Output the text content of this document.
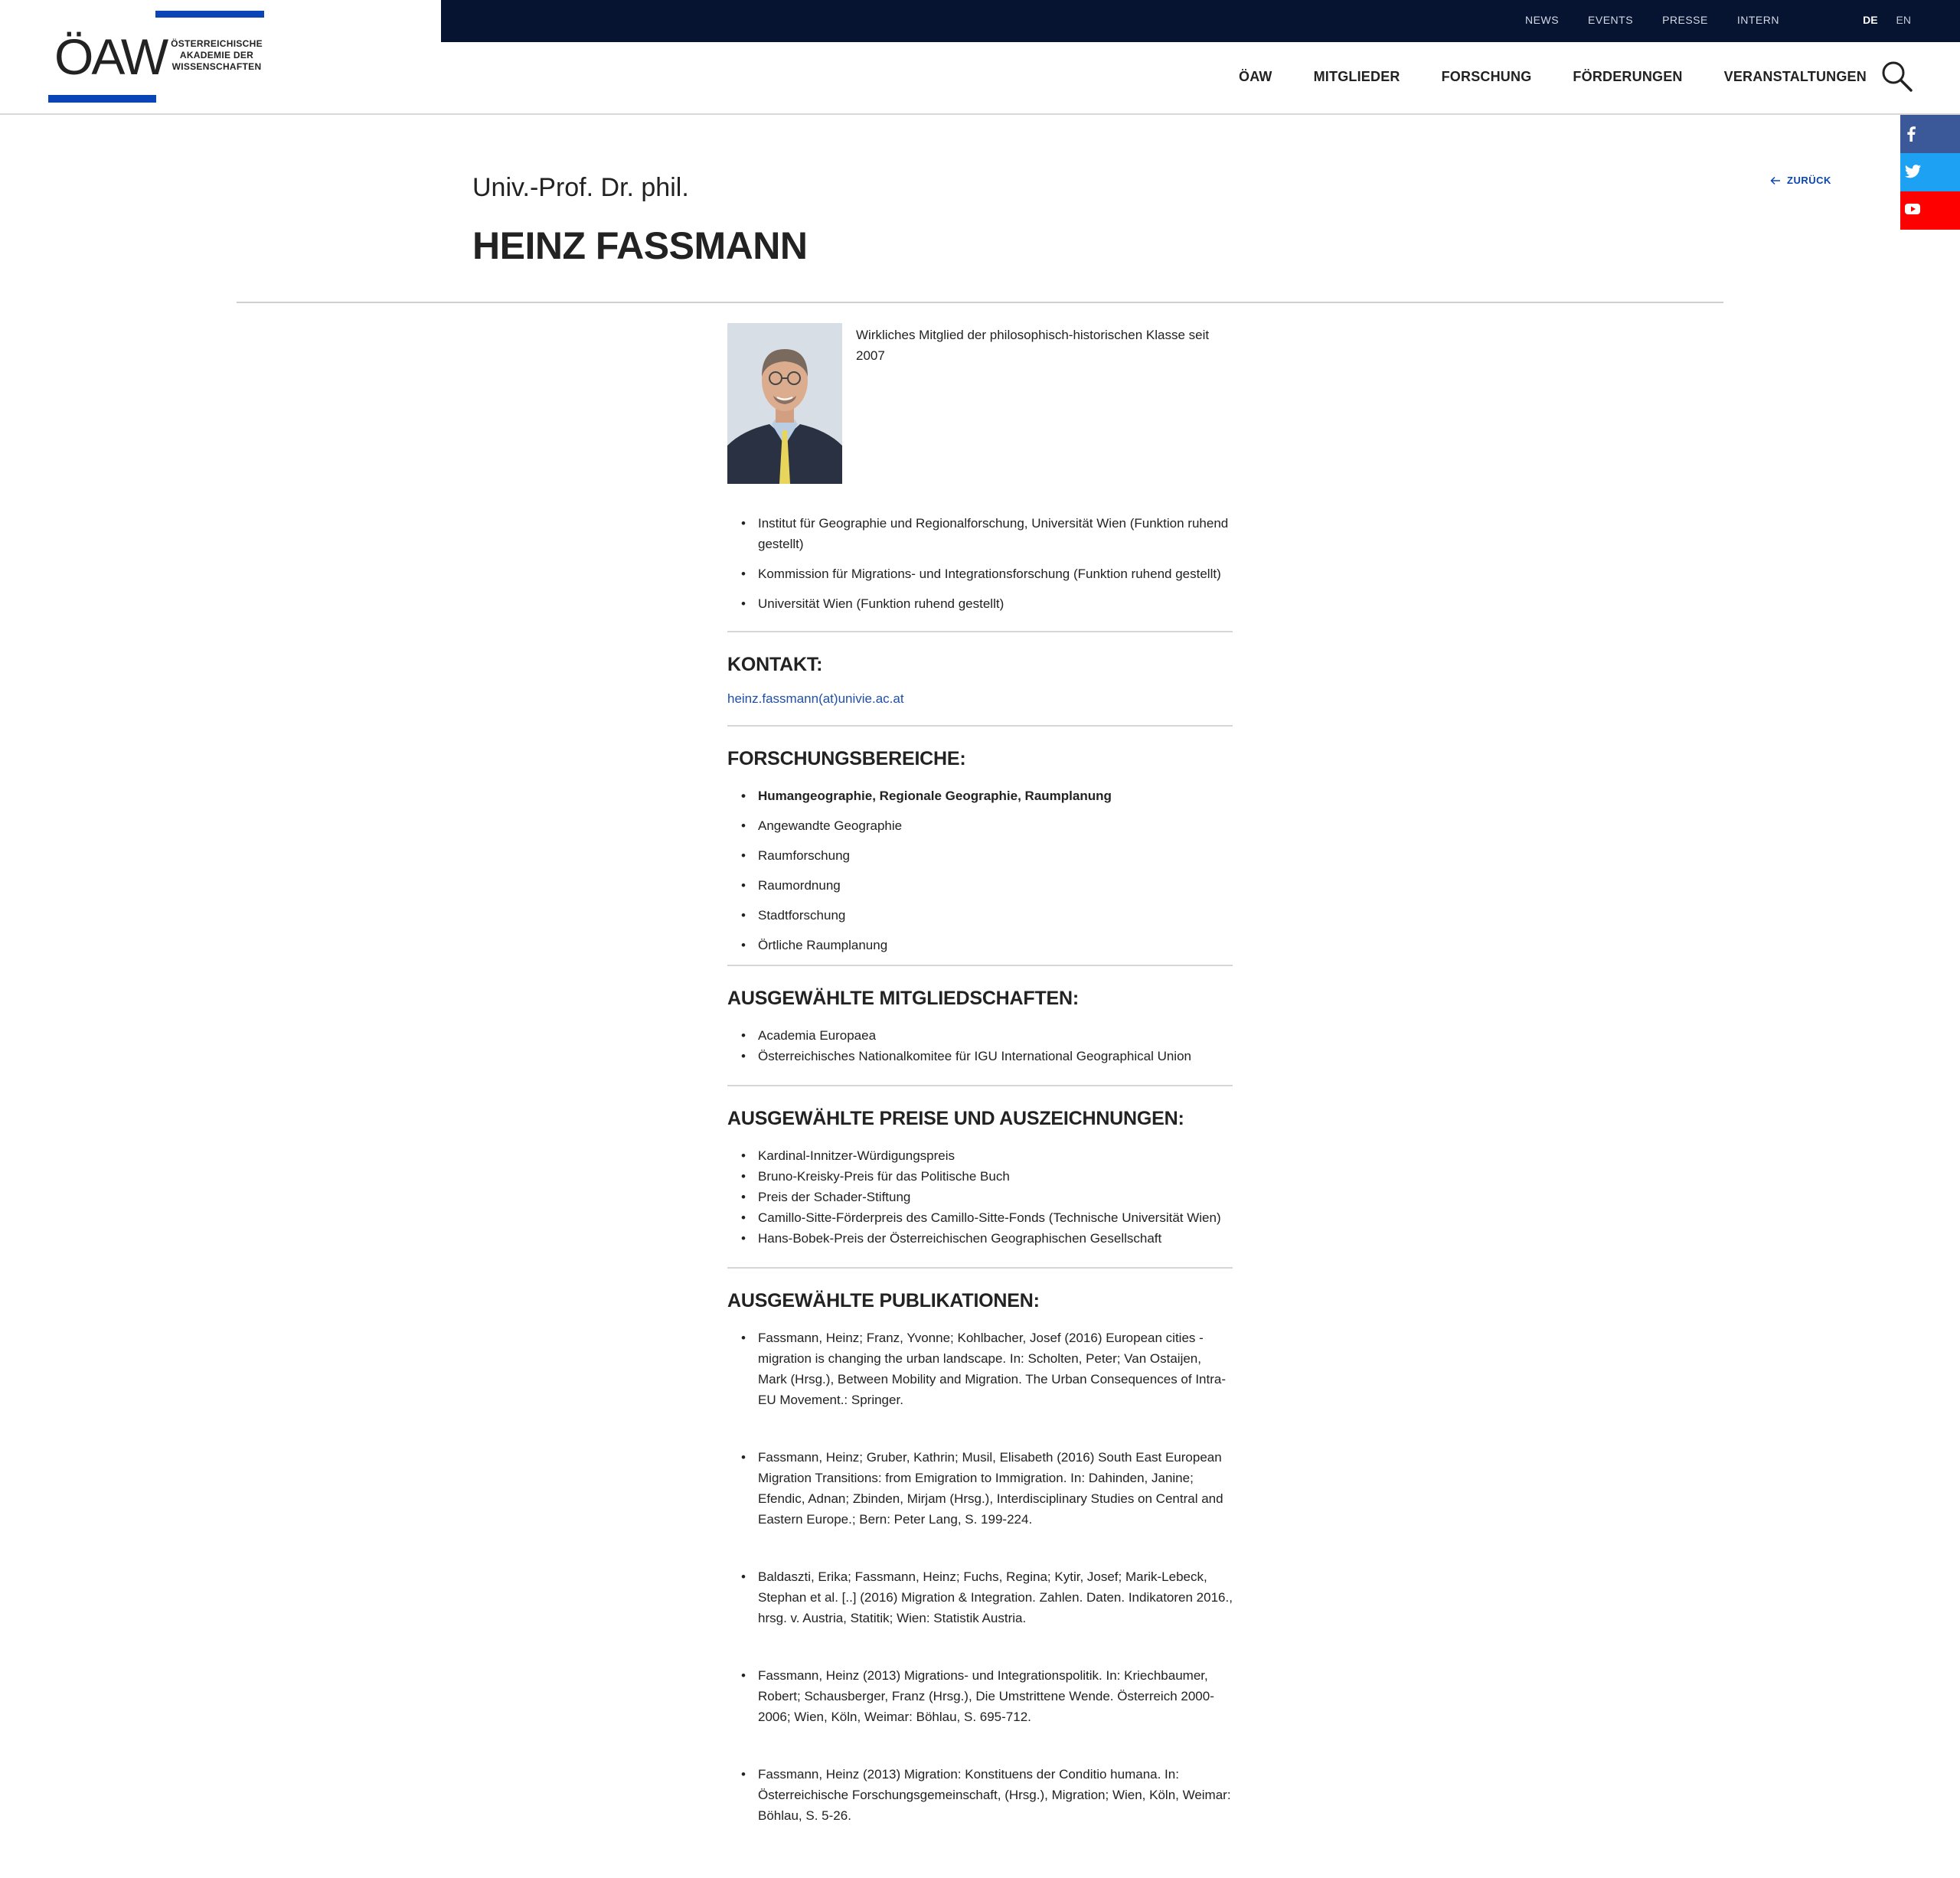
ÖAW ÖSTERREICHISCHE
AKADEMIE DER
WISSENSCHAFTEN
NEWS	EVENTS	PRESSE	INTERN	DE EN
ÖAW	MITGLIEDER	FORSCHUNG	FÖRDERUNGEN	VERANSTALTUNGEN
ZURÜCK
Univ.-Prof. Dr. phil.
HEINZ FASSMANN
Wirkliches Mitglied der philosophisch-historischen Klasse seit 2007
• Institut für Geographie und Regionalforschung, Universität Wien (Funktion ruhend gestellt)
• Kommission für Migrations- und Integrationsforschung (Funktion ruhend gestellt)
• Universität Wien (Funktion ruhend gestellt)
KONTAKT:
heinz.fassmann(at)univie.ac.at
FORSCHUNGSBEREICHE:
• Humangeographie, Regionale Geographie, Raumplanung
• Angewandte Geographie
• Raumforschung
• Raumordnung
• Stadtforschung
• Örtliche Raumplanung
AUSGEWÄHLTE MITGLIEDSCHAFTEN:
• Academia Europaea
• Österreichisches Nationalkomitee für IGU International Geographical Union
AUSGEWÄHLTE PREISE UND AUSZEICHNUNGEN:
• Kardinal-Innitzer-Würdigungspreis
• Bruno-Kreisky-Preis für das Politische Buch
• Preis der Schader-Stiftung
• Camillo-Sitte-Förderpreis des Camillo-Sitte-Fonds (Technische Universität Wien)
• Hans-Bobek-Preis der Österreichischen Geographischen Gesellschaft
AUSGEWÄHLTE PUBLIKATIONEN:
• Fassmann, Heinz; Franz, Yvonne; Kohlbacher, Josef (2016) European cities - migration is changing the urban landscape. In: Scholten, Peter; Van Ostaijen, Mark (Hrsg.), Between Mobility and Migration. The Urban Consequences of Intra-EU Movement.: Springer.
• Fassmann, Heinz; Gruber, Kathrin; Musil, Elisabeth (2016) South East European Migration Transitions: from Emigration to Immigration. In: Dahinden, Janine; Efendic, Adnan; Zbinden, Mirjam (Hrsg.), Interdisciplinary Studies on Central and Eastern Europe.; Bern: Peter Lang, S. 199-224.
• Baldaszti, Erika; Fassmann, Heinz; Fuchs, Regina; Kytir, Josef; Marik-Lebeck, Stephan et al. [..] (2016) Migration & Integration. Zahlen. Daten. Indikatoren 2016., hrsg. v. Austria, Statitik; Wien: Statistik Austria.
• Fassmann, Heinz (2013) Migrations- und Integrationspolitik. In: Kriechbaumer, Robert; Schausberger, Franz (Hrsg.), Die Umstrittene Wende. Österreich 2000-2006; Wien, Köln, Weimar: Böhlau, S. 695-712.
• Fassmann, Heinz (2013) Migration: Konstituens der Conditio humana. In: Österreichische Forschungsgemeinschaft, (Hrsg.), Migration; Wien, Köln, Weimar: Böhlau, S. 5-26.
